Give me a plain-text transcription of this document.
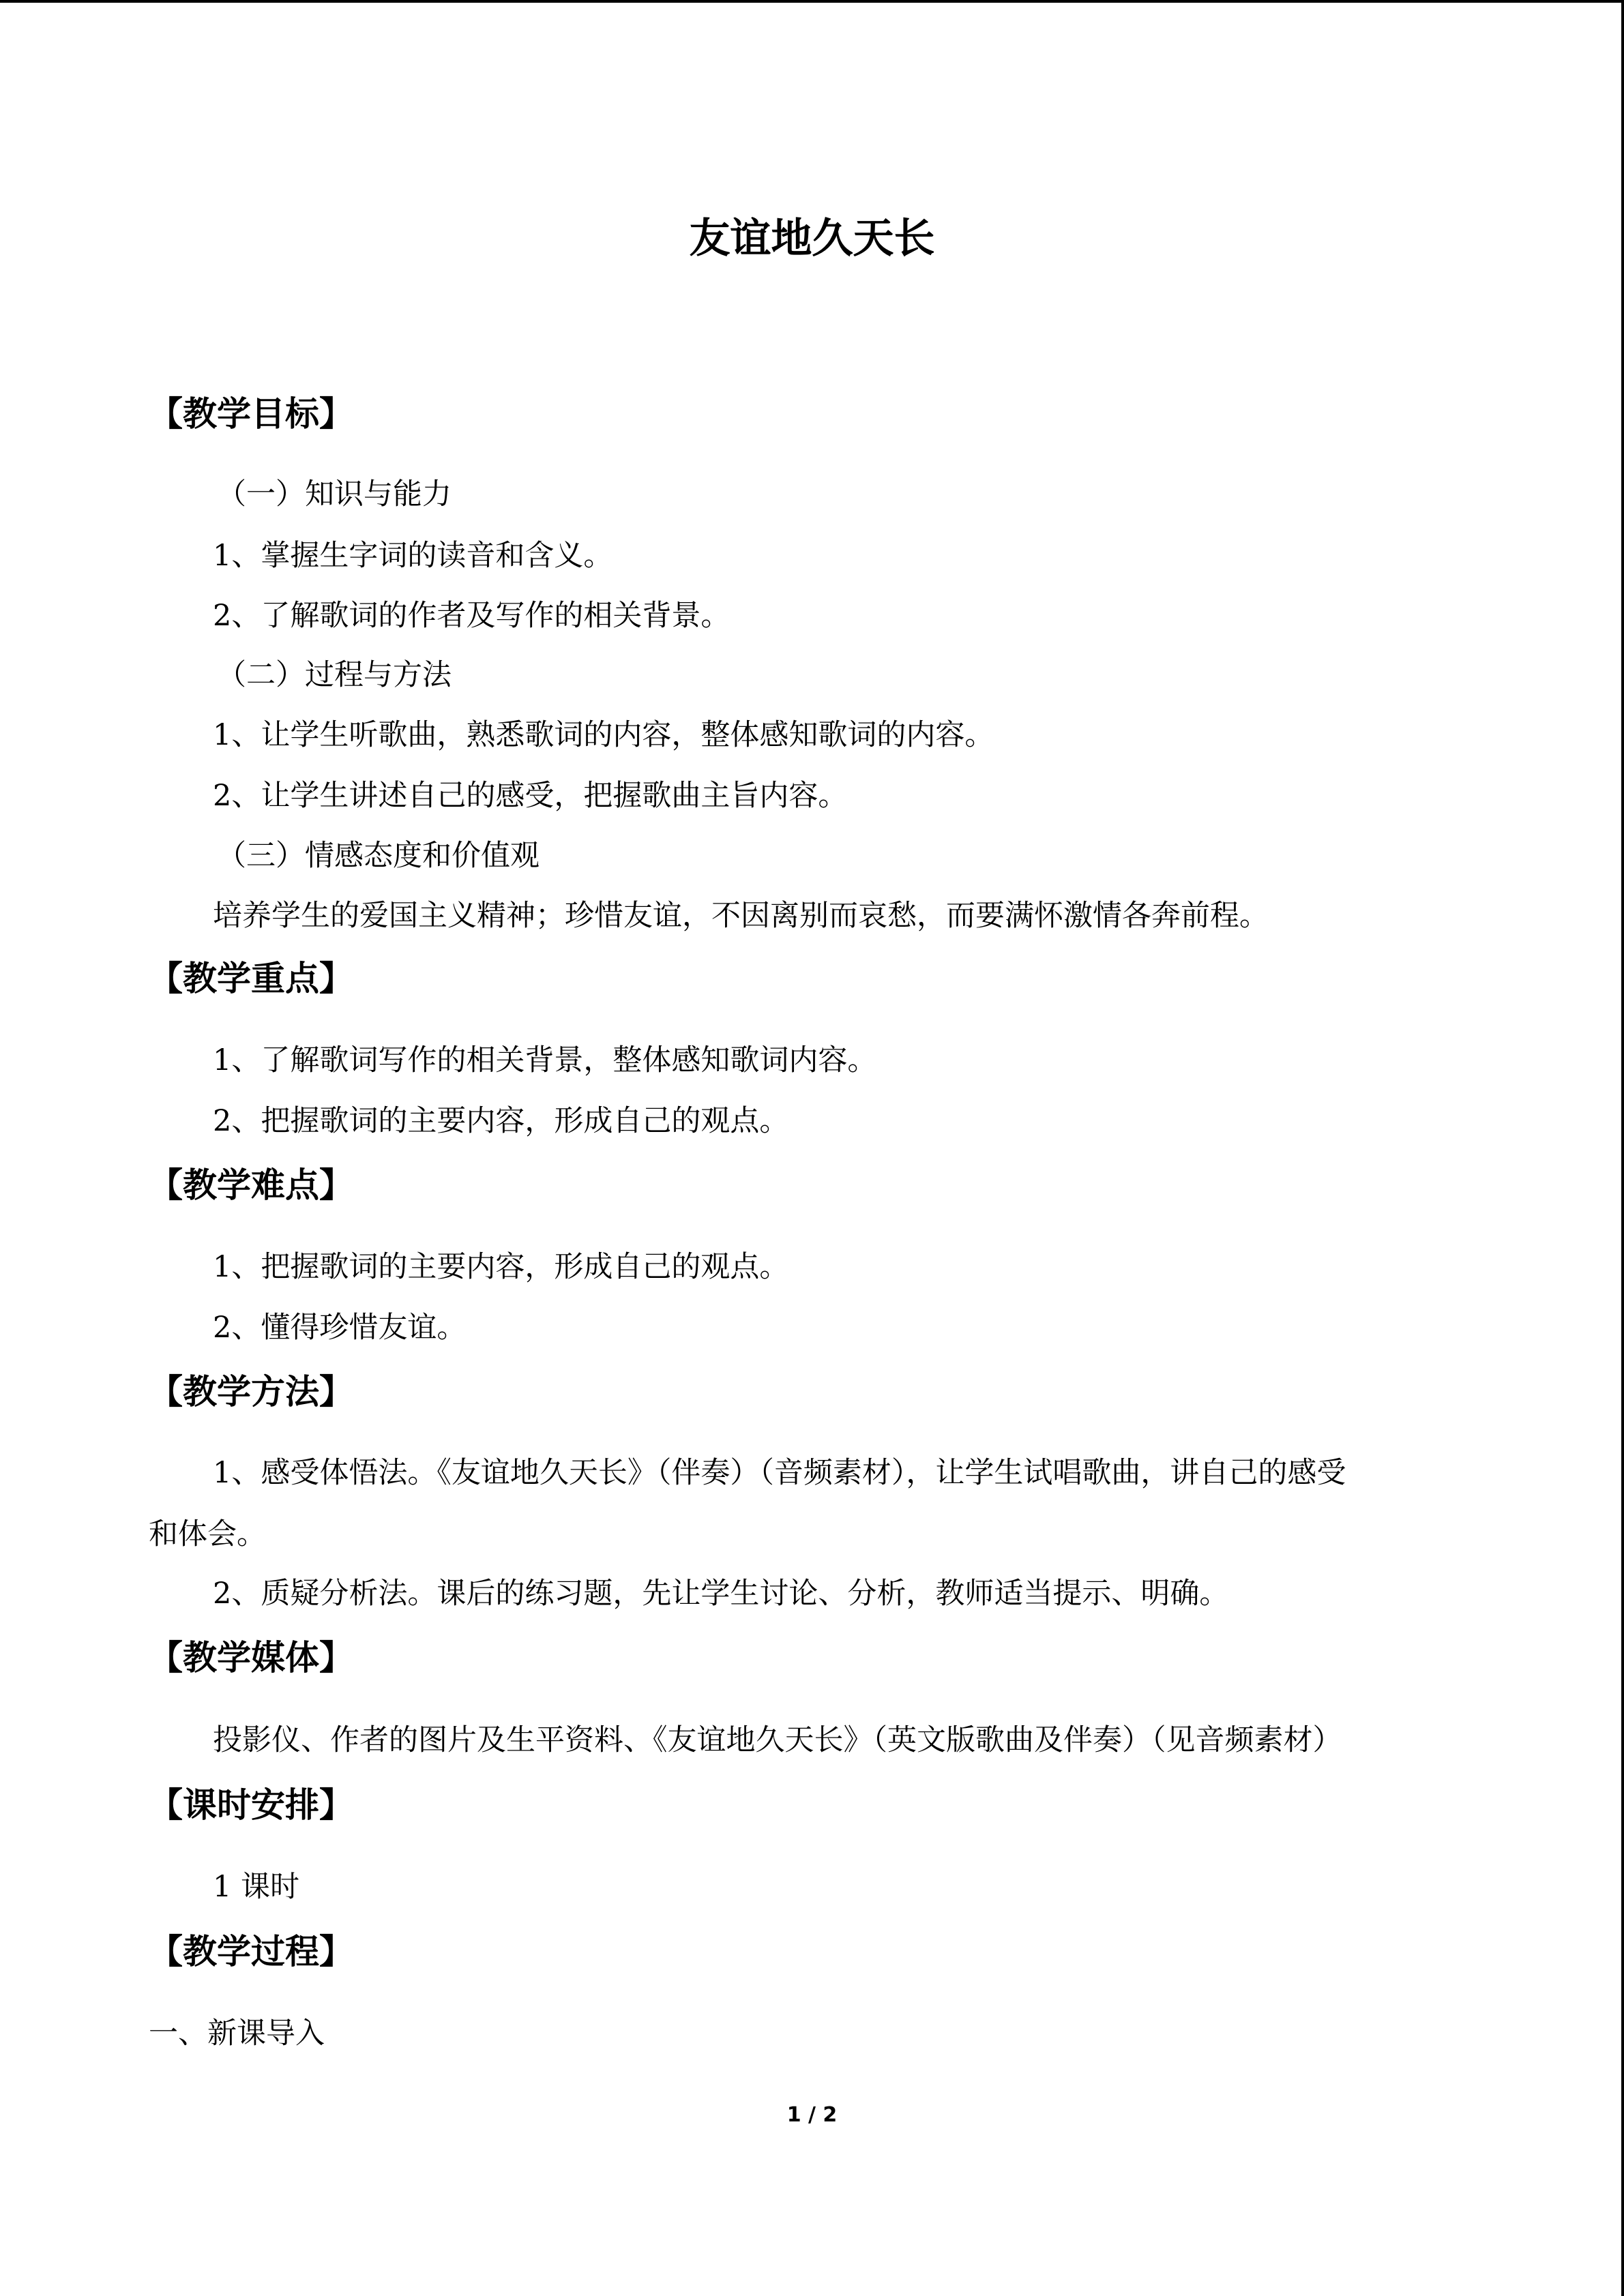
友谊地久天长
【教学目标】
（一）知识与能力
1、掌握生字词的读音和含义。
2、了解歌词的作者及写作的相关背景。
（二）过程与方法
1、让学生听歌曲，熟悉歌词的内容，整体感知歌词的内容。
2、让学生讲述自己的感受，把握歌曲主旨内容。
（三）情感态度和价值观
培养学生的爱国主义精神；珍惜友谊，不因离别而哀愁，而要满怀激情各奔前程。
【教学重点】
1、了解歌词写作的相关背景，整体感知歌词内容。
2、把握歌词的主要内容，形成自己的观点。
【教学难点】
1、把握歌词的主要内容，形成自己的观点。
2、懂得珍惜友谊。
【教学方法】
1、感受体悟法。《友谊地久天长》（伴奏）（音频素材），让学生试唱歌曲，讲自己的感受
和体会。
2、质疑分析法。课后的练习题，先让学生讨论、分析，教师适当提示、明确。
【教学媒体】
投影仪、作者的图片及生平资料、《友谊地久天长》（英文版歌曲及伴奏）（见音频素材）
【课时安排】
1 课时
【教学过程】
一、新课导入
1 / 2
